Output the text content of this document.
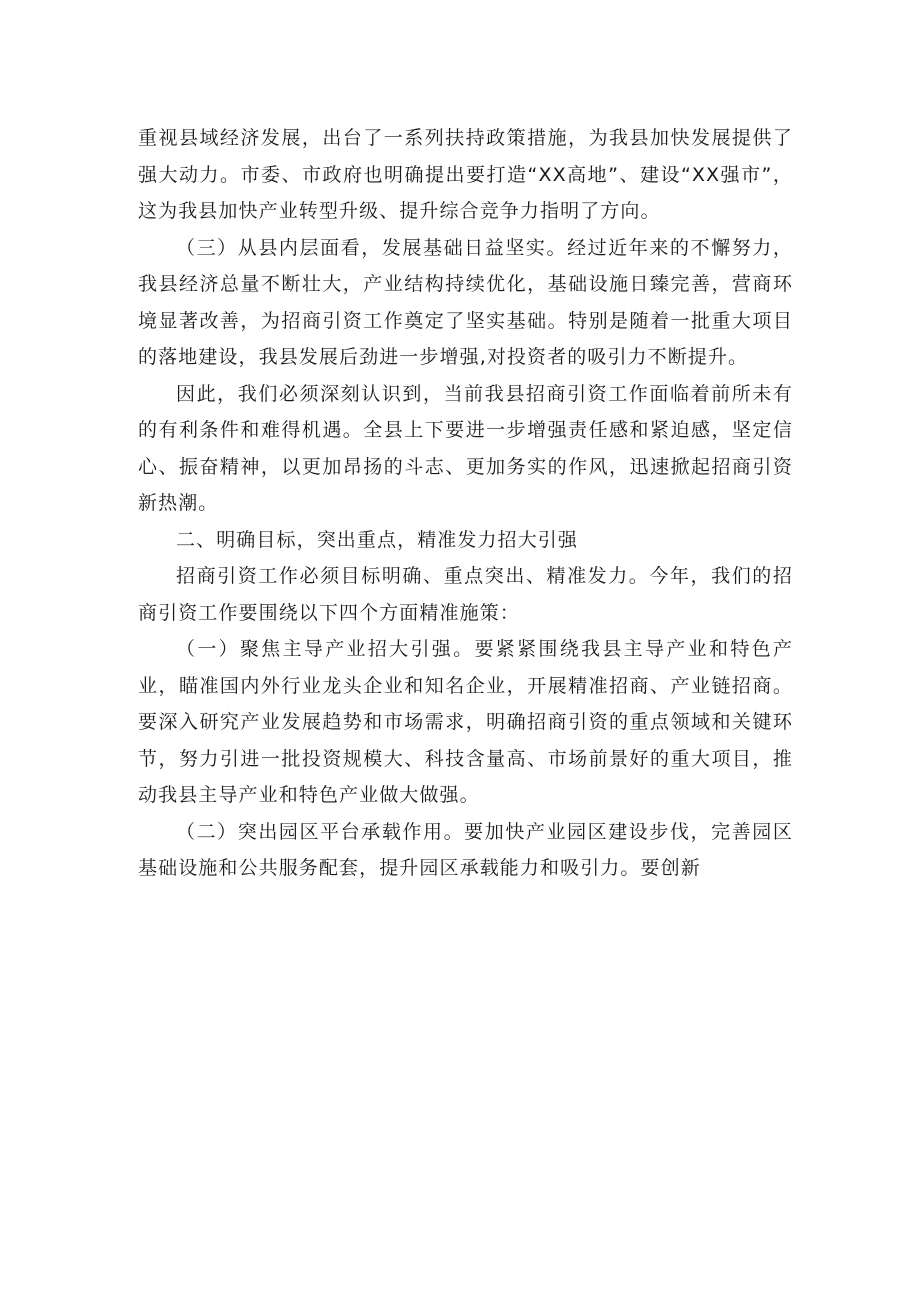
重视县域经济发展，出台了一系列扶持政策措施，为我县加快发展提供了强大动力。市委、市政府也明确提出要打造“XX高地”、建设“XX强市”，这为我县加快产业转型升级、提升综合竞争力指明了方向。

（三）从县内层面看，发展基础日益坚实。经过近年来的不懈努力，我县经济总量不断壮大，产业结构持续优化，基础设施日臻完善，营商环境显著改善，为招商引资工作奠定了坚实基础。特别是随着一批重大项目的落地建设，我县发展后劲进一步增强,对投资者的吸引力不断提升。

因此，我们必须深刻认识到，当前我县招商引资工作面临着前所未有的有利条件和难得机遇。全县上下要进一步增强责任感和紧迫感，坚定信心、振奋精神，以更加昂扬的斗志、更加务实的作风，迅速掀起招商引资新热潮。

二、明确目标，突出重点，精准发力招大引强

招商引资工作必须目标明确、重点突出、精准发力。今年，我们的招商引资工作要围绕以下四个方面精准施策：

（一）聚焦主导产业招大引强。要紧紧围绕我县主导产业和特色产业，瞄准国内外行业龙头企业和知名企业，开展精准招商、产业链招商。要深入研究产业发展趋势和市场需求，明确招商引资的重点领域和关键环节，努力引进一批投资规模大、科技含量高、市场前景好的重大项目，推动我县主导产业和特色产业做大做强。

（二）突出园区平台承载作用。要加快产业园区建设步伐，完善园区基础设施和公共服务配套，提升园区承载能力和吸引力。要创新
